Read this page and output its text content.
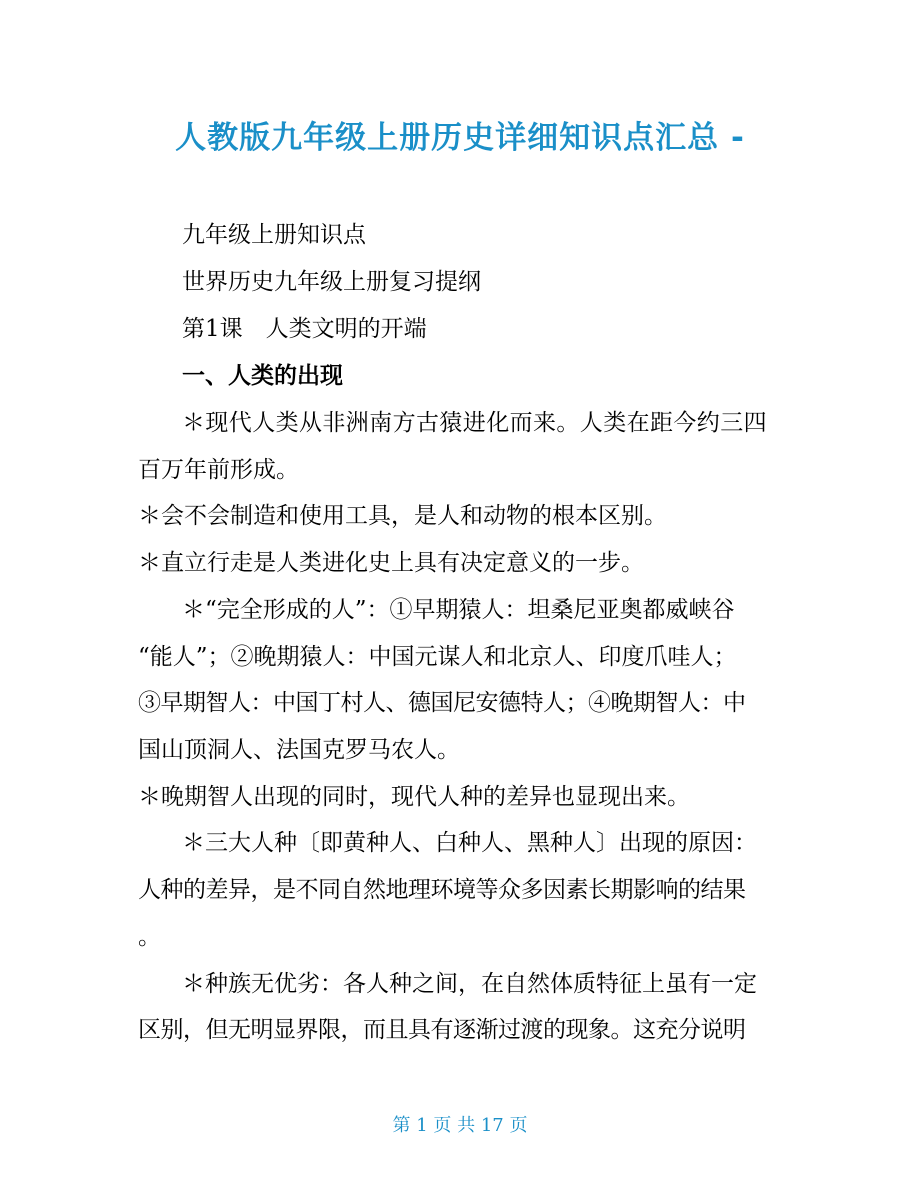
人教版九年级上册历史详细知识点汇总 -
九年级上册知识点
世界历史九年级上册复习提纲
第1课　人类文明的开端
一、人类的出现
＊现代人类从非洲南方古猿进化而来。人类在距今约三四
百万年前形成。
＊会不会制造和使用工具，是人和动物的根本区别。
＊直立行走是人类进化史上具有决定意义的一步。
＊“完全形成的人”：①早期猿人：坦桑尼亚奥都威峡谷
“能人”；②晚期猿人：中国元谋人和北京人、印度爪哇人；
③早期智人：中国丁村人、德国尼安德特人；④晚期智人：中
国山顶洞人、法国克罗马农人。
＊晚期智人出现的同时，现代人种的差异也显现出来。
＊三大人种〔即黄种人、白种人、黑种人〕出现的原因：
人种的差异，是不同自然地理环境等众多因素长期影响的结果
。
＊种族无优劣：各人种之间，在自然体质特征上虽有一定
区别，但无明显界限，而且具有逐渐过渡的现象。这充分说明
第 1 页 共 17 页
